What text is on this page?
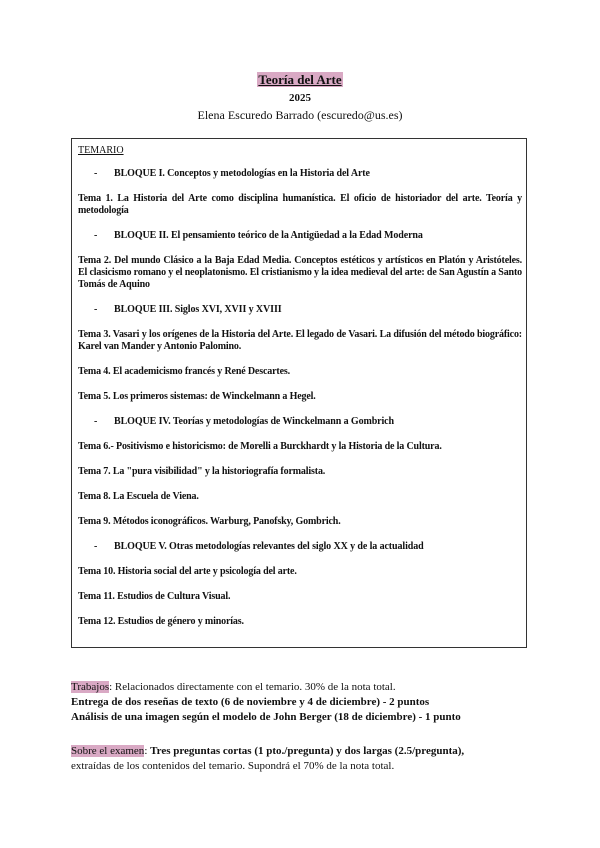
Teoría del Arte
2025
Elena Escuredo Barrado (escuredo@us.es)
TEMARIO
-	BLOQUE I. Conceptos y metodologías en la Historia del Arte
Tema 1. La Historia del Arte como disciplina humanística. El oficio de historiador del arte. Teoría y metodología
-	BLOQUE II. El pensamiento teórico de la Antigüedad a la Edad Moderna
Tema 2. Del mundo Clásico a la Baja Edad Media. Conceptos estéticos y artísticos en Platón y Aristóteles. El clasicismo romano y el neoplatonismo. El cristianismo y la idea medieval del arte: de San Agustín a Santo Tomás de Aquino
-	BLOQUE III. Siglos XVI, XVII y XVIII
Tema 3. Vasari y los orígenes de la Historia del Arte. El legado de Vasari. La difusión del método biográfico: Karel van Mander y Antonio Palomino.
Tema 4. El academicismo francés y René Descartes.
Tema 5. Los primeros sistemas: de Winckelmann a Hegel.
-	BLOQUE IV. Teorías y metodologías de Winckelmann a Gombrich
Tema 6.- Positivismo e historicismo: de Morelli a Burckhardt y la Historia de la Cultura.
Tema 7. La "pura visibilidad" y la historiografía formalista.
Tema 8. La Escuela de Viena.
Tema 9. Métodos iconográficos. Warburg, Panofsky, Gombrich.
-	BLOQUE V. Otras metodologías relevantes del siglo XX y de la actualidad
Tema 10. Historia social del arte y psicología del arte.
Tema 11. Estudios de Cultura Visual.
Tema 12. Estudios de género y minorías.
Trabajos: Relacionados directamente con el temario. 30% de la nota total.
Entrega de dos reseñas de texto (6 de noviembre y 4 de diciembre) - 2 puntos
Análisis de una imagen según el modelo de John Berger (18 de diciembre) - 1 punto
Sobre el examen: Tres preguntas cortas (1 pto./pregunta) y dos largas (2.5/pregunta),
extraídas de los contenidos del temario. Supondrá el 70% de la nota total.
